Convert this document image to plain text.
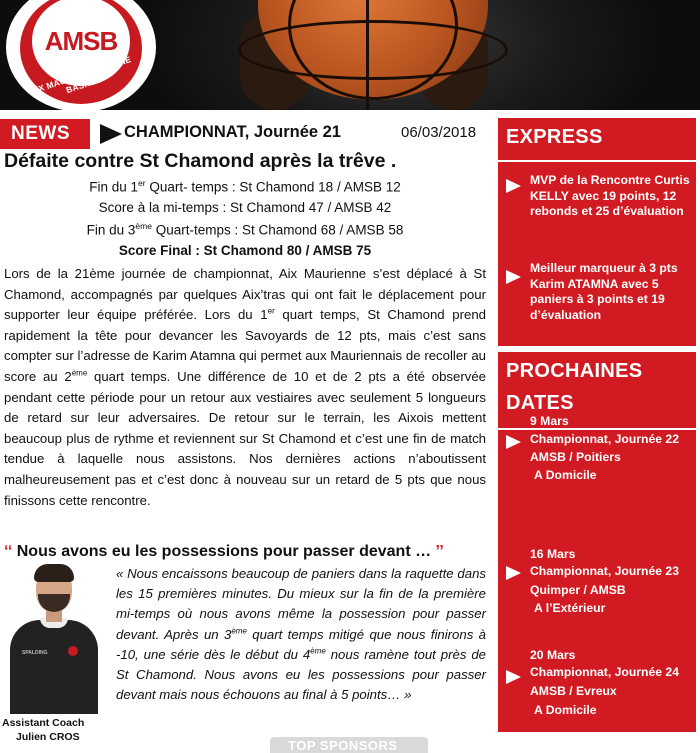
AMSB
AIX MAURIENNE SAVOIE BASKET
NEWS	CHAMPIONNAT, Journée 21	06/03/2018
Défaite contre St Chamond après la trêve .
Fin du 1er Quart- temps : St Chamond 18 / AMSB 12
Score à la mi-temps : St Chamond 47 / AMSB 42
Fin du 3ème Quart-temps : St Chamond 68 / AMSB 58
Score Final : St Chamond 80 / AMSB 75

Lors de la 21ème journée de championnat, Aix Maurienne s’est déplacé à St Chamond, accompagnés par quelques Aix’tras qui ont fait le déplacement pour supporter leur équipe préférée. Lors du 1er quart temps, St Chamond prend rapidement la tête pour devancer les Savoyards de 12 pts, mais c’est sans compter sur l’adresse de Karim Atamna qui permet aux Mauriennais de recoller au score au 2ème quart temps. Une différence de 10 et de 2 pts a été observée pendant cette période pour un retour aux vestiaires avec seulement 5 longueurs de retard sur leur adversaires. De retour sur le terrain, les Aixois mettent beaucoup plus de rythme et reviennent sur St Chamond et c’est une fin de match tendue à laquelle nous assistons. Nos dernières actions n’aboutissent malheureusement pas et c’est donc à nouveau sur un retard de 5 pts que nous finissons cette rencontre.

‘‘ Nous avons eu les possessions pour passer devant … ’’
SPALDING
Assistant Coach
Julien CROS

« Nous encaissons beaucoup de paniers dans la raquette dans les 15 premières minutes. Du mieux sur la fin de la première mi-temps où nous avons même la possession pour passer devant. Après un 3ème quart temps mitigé que nous finirons à -10, une série dès le début du 4ème nous ramène tout près de St Chamond. Nous avons eu les possessions pour passer devant mais nous échouons au final à 5 points… »

TOP SPONSORS
EXPRESS
MVP de la Rencontre Curtis KELLY avec 19 points, 12 rebonds et 25 d’évaluation
Meilleur marqueur à 3 pts Karim ATAMNA avec 5 paniers à 3 points et 19 d’évaluation
PROCHAINES
DATES
9 Mars
Championnat, Journée 22
AMSB / Poitiers
A Domicile
16 Mars
Championnat, Journée 23
Quimper / AMSB
A l’Extérieur
20 Mars
Championnat, Journée 24
AMSB / Evreux
A Domicile
